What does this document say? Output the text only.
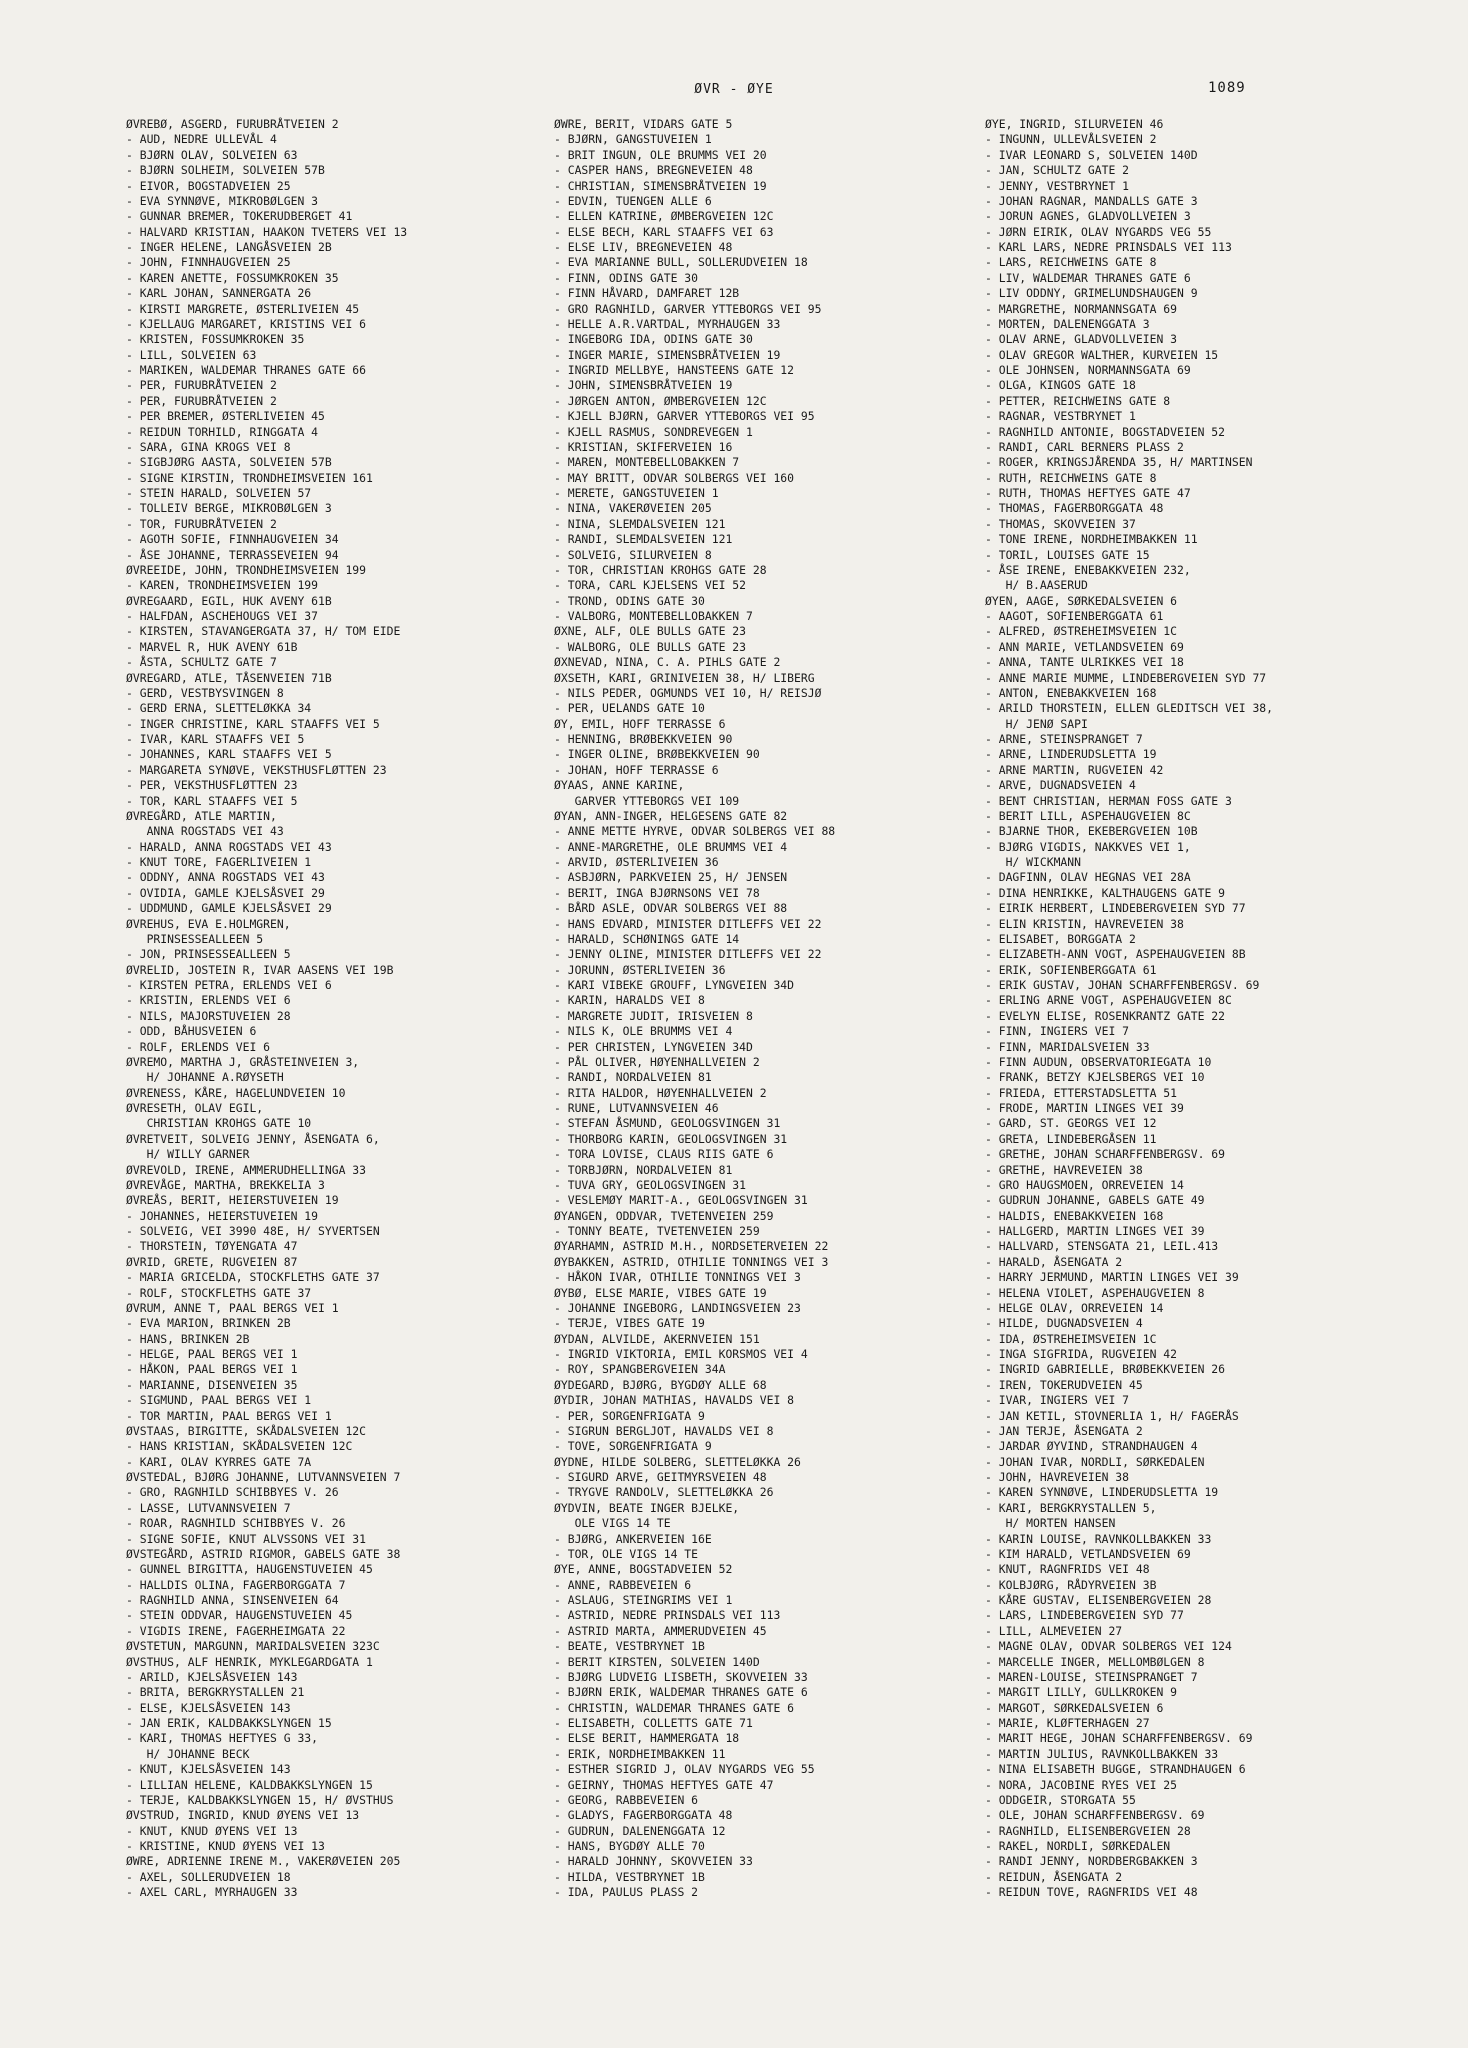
ØVR - ØYE	1089
ØVREBØ, ASGERD, FURUBRÅTVEIEN 2
- AUD, NEDRE ULLEVÅL 4
- BJØRN OLAV, SOLVEIEN 63
- BJØRN SOLHEIM, SOLVEIEN 57B
- EIVOR, BOGSTADVEIEN 25
- EVA SYNNØVE, MIKROBØLGEN 3
- GUNNAR BREMER, TOKERUDBERGET 41
- HALVARD KRISTIAN, HAAKON TVETERS VEI 13
- INGER HELENE, LANGÅSVEIEN 2B
- JOHN, FINNHAUGVEIEN 25
- KAREN ANETTE, FOSSUMKROKEN 35
- KARL JOHAN, SANNERGATA 26
- KIRSTI MARGRETE, ØSTERLIVEIEN 45
- KJELLAUG MARGARET, KRISTINS VEI 6
- KRISTEN, FOSSUMKROKEN 35
- LILL, SOLVEIEN 63
- MARIKEN, WALDEMAR THRANES GATE 66
- PER, FURUBRÅTVEIEN 2
- PER, FURUBRÅTVEIEN 2
- PER BREMER, ØSTERLIVEIEN 45
- REIDUN TORHILD, RINGGATA 4
- SARA, GINA KROGS VEI 8
- SIGBJØRG AASTA, SOLVEIEN 57B
- SIGNE KIRSTIN, TRONDHEIMSVEIEN 161
- STEIN HARALD, SOLVEIEN 57
- TOLLEIV BERGE, MIKROBØLGEN 3
- TOR, FURUBRÅTVEIEN 2
- AGOTH SOFIE, FINNHAUGVEIEN 34
- ÅSE JOHANNE, TERRASSEVEIEN 94
ØVREEIDE, JOHN, TRONDHEIMSVEIEN 199
- KAREN, TRONDHEIMSVEIEN 199
ØVREGAARD, EGIL, HUK AVENY 61B
- HALFDAN, ASCHEHOUGS VEI 37
- KIRSTEN, STAVANGERGATA 37, H/ TOM EIDE
- MARVEL R, HUK AVENY 61B
- ÅSTA, SCHULTZ GATE 7
ØVREGARD, ATLE, TÅSENVEIEN 71B
- GERD, VESTBYSVINGEN 8
- GERD ERNA, SLETTELØKKA 34
- INGER CHRISTINE, KARL STAAFFS VEI 5
- IVAR, KARL STAAFFS VEI 5
- JOHANNES, KARL STAAFFS VEI 5
- MARGARETA SYNØVE, VEKSTHUSFLØTTEN 23
- PER, VEKSTHUSFLØTTEN 23
- TOR, KARL STAAFFS VEI 5
ØVREGÅRD, ATLE MARTIN,
ANNA ROGSTADS VEI 43
- HARALD, ANNA ROGSTADS VEI 43
- KNUT TORE, FAGERLIVEIEN 1
- ODDNY, ANNA ROGSTADS VEI 43
- OVIDIA, GAMLE KJELSÅSVEI 29
- UDDMUND, GAMLE KJELSÅSVEI 29
ØVREHUS, EVA E.HOLMGREN,
PRINSESSEALLEEN 5
- JON, PRINSESSEALLEEN 5
ØVRELID, JOSTEIN R, IVAR AASENS VEI 19B
- KIRSTEN PETRA, ERLENDS VEI 6
- KRISTIN, ERLENDS VEI 6
- NILS, MAJORSTUVEIEN 28
- ODD, BÅHUSVEIEN 6
- ROLF, ERLENDS VEI 6
ØVREMO, MARTHA J, GRÅSTEINVEIEN 3,
H/ JOHANNE A.RØYSETH
ØVRENESS, KÅRE, HAGELUNDVEIEN 10
ØVRESETH, OLAV EGIL,
CHRISTIAN KROHGS GATE 10
ØVRETVEIT, SOLVEIG JENNY, ÅSENGATA 6,
H/ WILLY GARNER
ØVREVOLD, IRENE, AMMERUDHELLINGA 33
ØVREVÅGE, MARTHA, BREKKELIA 3
ØVREÅS, BERIT, HEIERSTUVEIEN 19
- JOHANNES, HEIERSTUVEIEN 19
- SOLVEIG, VEI 3990 48E, H/ SYVERTSEN
- THORSTEIN, TØYENGATA 47
ØVRID, GRETE, RUGVEIEN 87
- MARIA GRICELDA, STOCKFLETHS GATE 37
- ROLF, STOCKFLETHS GATE 37
ØVRUM, ANNE T, PAAL BERGS VEI 1
- EVA MARION, BRINKEN 2B
- HANS, BRINKEN 2B
- HELGE, PAAL BERGS VEI 1
- HÅKON, PAAL BERGS VEI 1
- MARIANNE, DISENVEIEN 35
- SIGMUND, PAAL BERGS VEI 1
- TOR MARTIN, PAAL BERGS VEI 1
ØVSTAAS, BIRGITTE, SKÅDALSVEIEN 12C
- HANS KRISTIAN, SKÅDALSVEIEN 12C
- KARI, OLAV KYRRES GATE 7A
ØVSTEDAL, BJØRG JOHANNE, LUTVANNSVEIEN 7
- GRO, RAGNHILD SCHIBBYES V. 26
- LASSE, LUTVANNSVEIEN 7
- ROAR, RAGNHILD SCHIBBYES V. 26
- SIGNE SOFIE, KNUT ALVSSONS VEI 31
ØVSTEGÅRD, ASTRID RIGMOR, GABELS GATE 38
- GUNNEL BIRGITTA, HAUGENSTUVEIEN 45
- HALLDIS OLINA, FAGERBORGGATA 7
- RAGNHILD ANNA, SINSENVEIEN 64
- STEIN ODDVAR, HAUGENSTUVEIEN 45
- VIGDIS IRENE, FAGERHEIMGATA 22
ØVSTETUN, MARGUNN, MARIDALSVEIEN 323C
ØVSTHUS, ALF HENRIK, MYKLEGARDGATA 1
- ARILD, KJELSÅSVEIEN 143
- BRITA, BERGKRYSTALLEN 21
- ELSE, KJELSÅSVEIEN 143
- JAN ERIK, KALDBAKKSLYNGEN 15
- KARI, THOMAS HEFTYES G 33,
H/ JOHANNE BECK
- KNUT, KJELSÅSVEIEN 143
- LILLIAN HELENE, KALDBAKKSLYNGEN 15
- TERJE, KALDBAKKSLYNGEN 15, H/ ØVSTHUS
ØVSTRUD, INGRID, KNUD ØYENS VEI 13
- KNUT, KNUD ØYENS VEI 13
- KRISTINE, KNUD ØYENS VEI 13
ØWRE, ADRIENNE IRENE M., VAKERØVEIEN 205
- AXEL, SOLLERUDVEIEN 18
- AXEL CARL, MYRHAUGEN 33
ØWRE, BERIT, VIDARS GATE 5
- BJØRN, GANGSTUVEIEN 1
- BRIT INGUN, OLE BRUMMS VEI 20
- CASPER HANS, BREGNEVEIEN 48
- CHRISTIAN, SIMENSBRÅTVEIEN 19
- EDVIN, TUENGEN ALLE 6
- ELLEN KATRINE, ØMBERGVEIEN 12C
- ELSE BECH, KARL STAAFFS VEI 63
- ELSE LIV, BREGNEVEIEN 48
- EVA MARIANNE BULL, SOLLERUDVEIEN 18
- FINN, ODINS GATE 30
- FINN HÅVARD, DAMFARET 12B
- GRO RAGNHILD, GARVER YTTEBORGS VEI 95
- HELLE A.R.VARTDAL, MYRHAUGEN 33
- INGEBORG IDA, ODINS GATE 30
- INGER MARIE, SIMENSBRÅTVEIEN 19
- INGRID MELLBYE, HANSTEENS GATE 12
- JOHN, SIMENSBRÅTVEIEN 19
- JØRGEN ANTON, ØMBERGVEIEN 12C
- KJELL BJØRN, GARVER YTTEBORGS VEI 95
- KJELL RASMUS, SONDREVEGEN 1
- KRISTIAN, SKIFERVEIEN 16
- MAREN, MONTEBELLOBAKKEN 7
- MAY BRITT, ODVAR SOLBERGS VEI 160
- MERETE, GANGSTUVEIEN 1
- NINA, VAKERØVEIEN 205
- NINA, SLEMDALSVEIEN 121
- RANDI, SLEMDALSVEIEN 121
- SOLVEIG, SILURVEIEN 8
- TOR, CHRISTIAN KROHGS GATE 28
- TORA, CARL KJELSENS VEI 52
- TROND, ODINS GATE 30
- VALBORG, MONTEBELLOBAKKEN 7
ØXNE, ALF, OLE BULLS GATE 23
- WALBORG, OLE BULLS GATE 23
ØXNEVAD, NINA, C. A. PIHLS GATE 2
ØXSETH, KARI, GRINIVEIEN 38, H/ LIBERG
- NILS PEDER, OGMUNDS VEI 10, H/ REISJØ
- PER, UELANDS GATE 10
ØY, EMIL, HOFF TERRASSE 6
- HENNING, BRØBEKKVEIEN 90
- INGER OLINE, BRØBEKKVEIEN 90
- JOHAN, HOFF TERRASSE 6
ØYAAS, ANNE KARINE,
GARVER YTTEBORGS VEI 109
ØYAN, ANN-INGER, HELGESENS GATE 82
- ANNE METTE HYRVE, ODVAR SOLBERGS VEI 88
- ANNE-MARGRETHE, OLE BRUMMS VEI 4
- ARVID, ØSTERLIVEIEN 36
- ASBJØRN, PARKVEIEN 25, H/ JENSEN
- BERIT, INGA BJØRNSONS VEI 78
- BÅRD ASLE, ODVAR SOLBERGS VEI 88
- HANS EDVARD, MINISTER DITLEFFS VEI 22
- HARALD, SCHØNINGS GATE 14
- JENNY OLINE, MINISTER DITLEFFS VEI 22
- JORUNN, ØSTERLIVEIEN 36
- KARI VIBEKE GROUFF, LYNGVEIEN 34D
- KARIN, HARALDS VEI 8
- MARGRETE JUDIT, IRISVEIEN 8
- NILS K, OLE BRUMMS VEI 4
- PER CHRISTEN, LYNGVEIEN 34D
- PÅL OLIVER, HØYENHALLVEIEN 2
- RANDI, NORDALVEIEN 81
- RITA HALDOR, HØYENHALLVEIEN 2
- RUNE, LUTVANNSVEIEN 46
- STEFAN ÅSMUND, GEOLOGSVINGEN 31
- THORBORG KARIN, GEOLOGSVINGEN 31
- TORA LOVISE, CLAUS RIIS GATE 6
- TORBJØRN, NORDALVEIEN 81
- TUVA GRY, GEOLOGSVINGEN 31
- VESLEMØY MARIT-A., GEOLOGSVINGEN 31
ØYANGEN, ODDVAR, TVETENVEIEN 259
- TONNY BEATE, TVETENVEIEN 259
ØYARHAMN, ASTRID M.H., NORDSETERVEIEN 22
ØYBAKKEN, ASTRID, OTHILIE TONNINGS VEI 3
- HÅKON IVAR, OTHILIE TONNINGS VEI 3
ØYBØ, ELSE MARIE, VIBES GATE 19
- JOHANNE INGEBORG, LANDINGSVEIEN 23
- TERJE, VIBES GATE 19
ØYDAN, ALVILDE, AKERNVEIEN 151
- INGRID VIKTORIA, EMIL KORSMOS VEI 4
- ROY, SPANGBERGVEIEN 34A
ØYDEGARD, BJØRG, BYGDØY ALLE 68
ØYDIR, JOHAN MATHIAS, HAVALDS VEI 8
- PER, SORGENFRIGATA 9
- SIGRUN BERGLJOT, HAVALDS VEI 8
- TOVE, SORGENFRIGATA 9
ØYDNE, HILDE SOLBERG, SLETTELØKKA 26
- SIGURD ARVE, GEITMYRSVEIEN 48
- TRYGVE RANDOLV, SLETTELØKKA 26
ØYDVIN, BEATE INGER BJELKE,
OLE VIGS 14 TE
- BJØRG, ANKERVEIEN 16E
- TOR, OLE VIGS 14 TE
ØYE, ANNE, BOGSTADVEIEN 52
- ANNE, RABBEVEIEN 6
- ASLAUG, STEINGRIMS VEI 1
- ASTRID, NEDRE PRINSDALS VEI 113
- ASTRID MARTA, AMMERUDVEIEN 45
- BEATE, VESTBRYNET 1B
- BERIT KIRSTEN, SOLVEIEN 140D
- BJØRG LUDVEIG LISBETH, SKOVVEIEN 33
- BJØRN ERIK, WALDEMAR THRANES GATE 6
- CHRISTIN, WALDEMAR THRANES GATE 6
- ELISABETH, COLLETTS GATE 71
- ELSE BERIT, HAMMERGATA 18
- ERIK, NORDHEIMBAKKEN 11
- ESTHER SIGRID J, OLAV NYGARDS VEG 55
- GEIRNY, THOMAS HEFTYES GATE 47
- GEORG, RABBEVEIEN 6
- GLADYS, FAGERBORGGATA 48
- GUDRUN, DALENENGGATA 12
- HANS, BYGDØY ALLE 70
- HARALD JOHNNY, SKOVVEIEN 33
- HILDA, VESTBRYNET 1B
- IDA, PAULUS PLASS 2
ØYE, INGRID, SILURVEIEN 46
- INGUNN, ULLEVÅLSVEIEN 2
- IVAR LEONARD S, SOLVEIEN 140D
- JAN, SCHULTZ GATE 2
- JENNY, VESTBRYNET 1
- JOHAN RAGNAR, MANDALLS GATE 3
- JORUN AGNES, GLADVOLLVEIEN 3
- JØRN EIRIK, OLAV NYGARDS VEG 55
- KARL LARS, NEDRE PRINSDALS VEI 113
- LARS, REICHWEINS GATE 8
- LIV, WALDEMAR THRANES GATE 6
- LIV ODDNY, GRIMELUNDSHAUGEN 9
- MARGRETHE, NORMANNSGATA 69
- MORTEN, DALENENGGATA 3
- OLAV ARNE, GLADVOLLVEIEN 3
- OLAV GREGOR WALTHER, KURVEIEN 15
- OLE JOHNSEN, NORMANNSGATA 69
- OLGA, KINGOS GATE 18
- PETTER, REICHWEINS GATE 8
- RAGNAR, VESTBRYNET 1
- RAGNHILD ANTONIE, BOGSTADVEIEN 52
- RANDI, CARL BERNERS PLASS 2
- ROGER, KRINGSJÅRENDA 35, H/ MARTINSEN
- RUTH, REICHWEINS GATE 8
- RUTH, THOMAS HEFTYES GATE 47
- THOMAS, FAGERBORGGATA 48
- THOMAS, SKOVVEIEN 37
- TONE IRENE, NORDHEIMBAKKEN 11
- TORIL, LOUISES GATE 15
- ÅSE IRENE, ENEBAKKVEIEN 232,
H/ B.AASERUD
ØYEN, AAGE, SØRKEDALSVEIEN 6
- AAGOT, SOFIENBERGGATA 61
- ALFRED, ØSTREHEIMSVEIEN 1C
- ANN MARIE, VETLANDSVEIEN 69
- ANNA, TANTE ULRIKKES VEI 18
- ANNE MARIE MUMME, LINDEBERGVEIEN SYD 77
- ANTON, ENEBAKKVEIEN 168
- ARILD THORSTEIN, ELLEN GLEDITSCH VEI 38,
H/ JENØ SAPI
- ARNE, STEINSPRANGET 7
- ARNE, LINDERUDSLETTA 19
- ARNE MARTIN, RUGVEIEN 42
- ARVE, DUGNADSVEIEN 4
- BENT CHRISTIAN, HERMAN FOSS GATE 3
- BERIT LILL, ASPEHAUGVEIEN 8C
- BJARNE THOR, EKEBERGVEIEN 10B
- BJØRG VIGDIS, NAKKVES VEI 1,
H/ WICKMANN
- DAGFINN, OLAV HEGNAS VEI 28A
- DINA HENRIKKE, KALTHAUGENS GATE 9
- EIRIK HERBERT, LINDEBERGVEIEN SYD 77
- ELIN KRISTIN, HAVREVEIEN 38
- ELISABET, BORGGATA 2
- ELIZABETH-ANN VOGT, ASPEHAUGVEIEN 8B
- ERIK, SOFIENBERGGATA 61
- ERIK GUSTAV, JOHAN SCHARFFENBERGSV. 69
- ERLING ARNE VOGT, ASPEHAUGVEIEN 8C
- EVELYN ELISE, ROSENKRANTZ GATE 22
- FINN, INGIERS VEI 7
- FINN, MARIDALSVEIEN 33
- FINN AUDUN, OBSERVATORIEGATA 10
- FRANK, BETZY KJELSBERGS VEI 10
- FRIEDA, ETTERSTADSLETTA 51
- FRODE, MARTIN LINGES VEI 39
- GARD, ST. GEORGS VEI 12
- GRETA, LINDEBERGÅSEN 11
- GRETHE, JOHAN SCHARFFENBERGSV. 69
- GRETHE, HAVREVEIEN 38
- GRO HAUGSMOEN, ORREVEIEN 14
- GUDRUN JOHANNE, GABELS GATE 49
- HALDIS, ENEBAKKVEIEN 168
- HALLGERD, MARTIN LINGES VEI 39
- HALLVARD, STENSGATA 21, LEIL.413
- HARALD, ÅSENGATA 2
- HARRY JERMUND, MARTIN LINGES VEI 39
- HELENA VIOLET, ASPEHAUGVEIEN 8
- HELGE OLAV, ORREVEIEN 14
- HILDE, DUGNADSVEIEN 4
- IDA, ØSTREHEIMSVEIEN 1C
- INGA SIGFRIDA, RUGVEIEN 42
- INGRID GABRIELLE, BRØBEKKVEIEN 26
- IREN, TOKERUDVEIEN 45
- IVAR, INGIERS VEI 7
- JAN KETIL, STOVNERLIA 1, H/ FAGERÅS
- JAN TERJE, ÅSENGATA 2
- JARDAR ØYVIND, STRANDHAUGEN 4
- JOHAN IVAR, NORDLI, SØRKEDALEN
- JOHN, HAVREVEIEN 38
- KAREN SYNNØVE, LINDERUDSLETTA 19
- KARI, BERGKRYSTALLEN 5,
H/ MORTEN HANSEN
- KARIN LOUISE, RAVNKOLLBAKKEN 33
- KIM HARALD, VETLANDSVEIEN 69
- KNUT, RAGNFRIDS VEI 48
- KOLBJØRG, RÅDYRVEIEN 3B
- KÅRE GUSTAV, ELISENBERGVEIEN 28
- LARS, LINDEBERGVEIEN SYD 77
- LILL, ALMEVEIEN 27
- MAGNE OLAV, ODVAR SOLBERGS VEI 124
- MARCELLE INGER, MELLOMBØLGEN 8
- MAREN-LOUISE, STEINSPRANGET 7
- MARGIT LILLY, GULLKROKEN 9
- MARGOT, SØRKEDALSVEIEN 6
- MARIE, KLØFTERHAGEN 27
- MARIT HEGE, JOHAN SCHARFFENBERGSV. 69
- MARTIN JULIUS, RAVNKOLLBAKKEN 33
- NINA ELISABETH BUGGE, STRANDHAUGEN 6
- NORA, JACOBINE RYES VEI 25
- ODDGEIR, STORGATA 55
- OLE, JOHAN SCHARFFENBERGSV. 69
- RAGNHILD, ELISENBERGVEIEN 28
- RAKEL, NORDLI, SØRKEDALEN
- RANDI JENNY, NORDBERGBAKKEN 3
- REIDUN, ÅSENGATA 2
- REIDUN TOVE, RAGNFRIDS VEI 48
